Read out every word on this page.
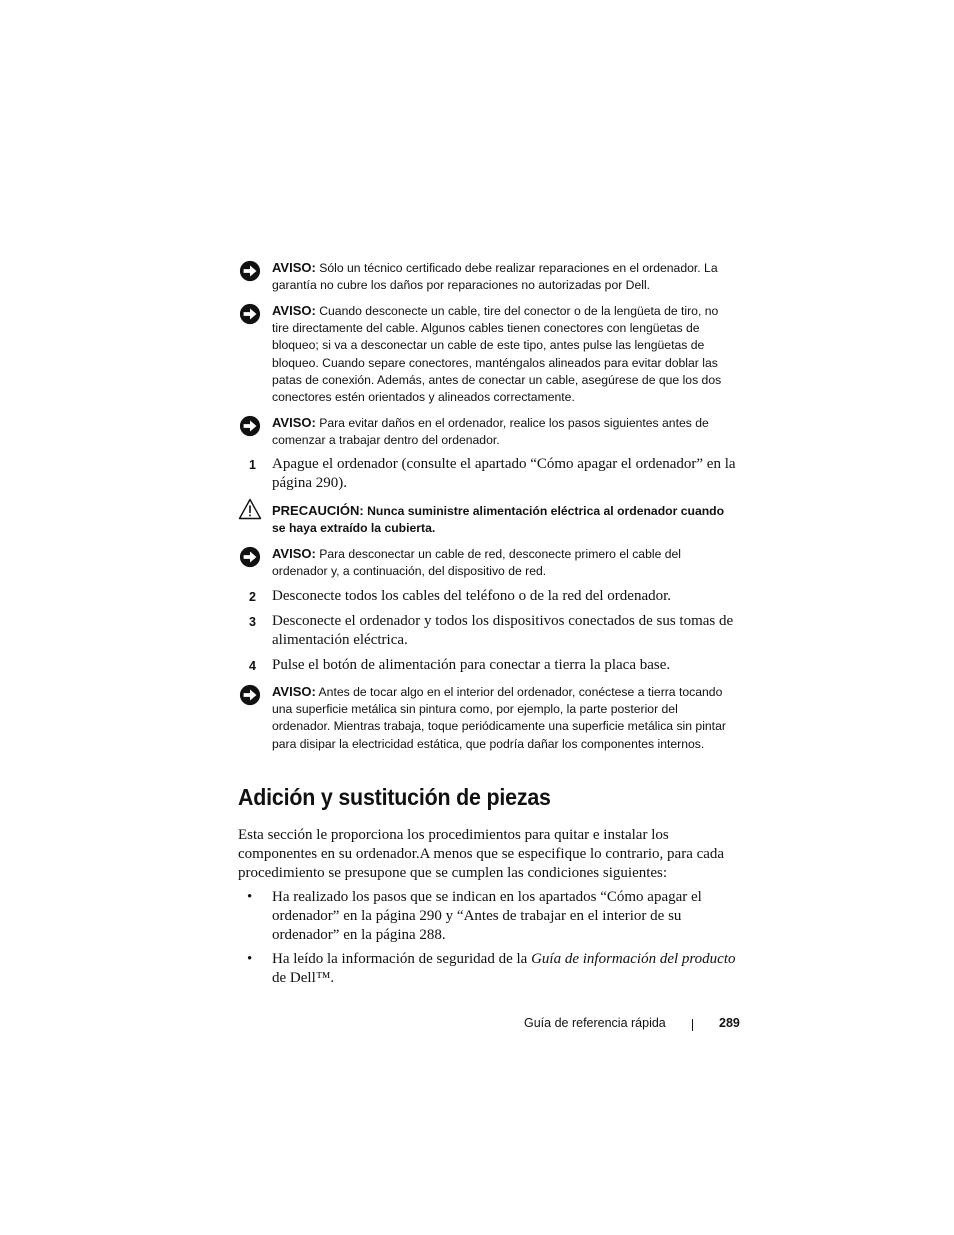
AVISO: Sólo un técnico certificado debe realizar reparaciones en el ordenador. La garantía no cubre los daños por reparaciones no autorizadas por Dell.
AVISO: Cuando desconecte un cable, tire del conector o de la lengüeta de tiro, no tire directamente del cable. Algunos cables tienen conectores con lengüetas de bloqueo; si va a desconectar un cable de este tipo, antes pulse las lengüetas de bloqueo. Cuando separe conectores, manténgalos alineados para evitar doblar las patas de conexión. Además, antes de conectar un cable, asegúrese de que los dos conectores estén orientados y alineados correctamente.
AVISO: Para evitar daños en el ordenador, realice los pasos siguientes antes de comenzar a trabajar dentro del ordenador.
1 Apague el ordenador (consulte el apartado “Cómo apagar el ordenador” en la página 290).
PRECAUCIÓN: Nunca suministre alimentación eléctrica al ordenador cuando se haya extraído la cubierta.
AVISO: Para desconectar un cable de red, desconecte primero el cable del ordenador y, a continuación, del dispositivo de red.
2 Desconecte todos los cables del teléfono o de la red del ordenador.
3 Desconecte el ordenador y todos los dispositivos conectados de sus tomas de alimentación eléctrica.
4 Pulse el botón de alimentación para conectar a tierra la placa base.
AVISO: Antes de tocar algo en el interior del ordenador, conéctese a tierra tocando una superficie metálica sin pintura como, por ejemplo, la parte posterior del ordenador. Mientras trabaja, toque periódicamente una superficie metálica sin pintar para disipar la electricidad estática, que podría dañar los componentes internos.
Adición y sustitución de piezas
Esta sección le proporciona los procedimientos para quitar e instalar los componentes en su ordenador.A menos que se especifique lo contrario, para cada procedimiento se presupone que se cumplen las condiciones siguientes:
• Ha realizado los pasos que se indican en los apartados “Cómo apagar el ordenador” en la página 290 y “Antes de trabajar en el interior de su ordenador” en la página 288.
• Ha leído la información de seguridad de la Guía de información del producto de Dell™.
Guía de referencia rápida	289
